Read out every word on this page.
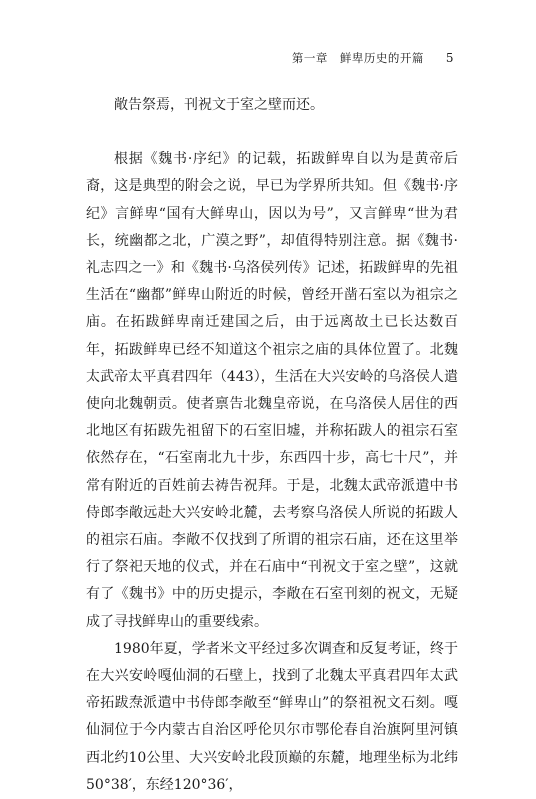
第一章　鲜卑历史的开篇 5

敞告祭焉，刊祝文于室之壁而还。

根据《魏书·序纪》的记载，拓跋鲜卑自以为是黄帝后裔，这是典型的附会之说，早已为学界所共知。但《魏书·序纪》言鲜卑“国有大鲜卑山，因以为号”，又言鲜卑“世为君长，统幽都之北，广漠之野”，却值得特别注意。据《魏书·礼志四之一》和《魏书·乌洛侯列传》记述，拓跋鲜卑的先祖生活在“幽都”鲜卑山附近的时候，曾经开凿石室以为祖宗之庙。在拓跋鲜卑南迁建国之后，由于远离故土已长达数百年，拓跋鲜卑已经不知道这个祖宗之庙的具体位置了。北魏太武帝太平真君四年（443），生活在大兴安岭的乌洛侯人遣使向北魏朝贡。使者禀告北魏皇帝说，在乌洛侯人居住的西北地区有拓跋先祖留下的石室旧墟，并称拓跋人的祖宗石室依然存在，“石室南北九十步，东西四十步，高七十尺”，并常有附近的百姓前去祷告祝拜。于是，北魏太武帝派遣中书侍郎李敞远赴大兴安岭北麓，去考察乌洛侯人所说的拓跋人的祖宗石庙。李敞不仅找到了所谓的祖宗石庙，还在这里举行了祭祀天地的仪式，并在石庙中“刊祝文于室之壁”，这就有了《魏书》中的历史提示，李敞在石室刊刻的祝文，无疑成了寻找鲜卑山的重要线索。

1980年夏，学者米文平经过多次调查和反复考证，终于在大兴安岭嘎仙洞的石壁上，找到了北魏太平真君四年太武帝拓跋焘派遣中书侍郎李敞至“鲜卑山”的祭祖祝文石刻。嘎仙洞位于今内蒙古自治区呼伦贝尔市鄂伦春自治旗阿里河镇西北约10公里、大兴安岭北段顶巅的东麓，地理坐标为北纬50°38′，东经120°36′，
